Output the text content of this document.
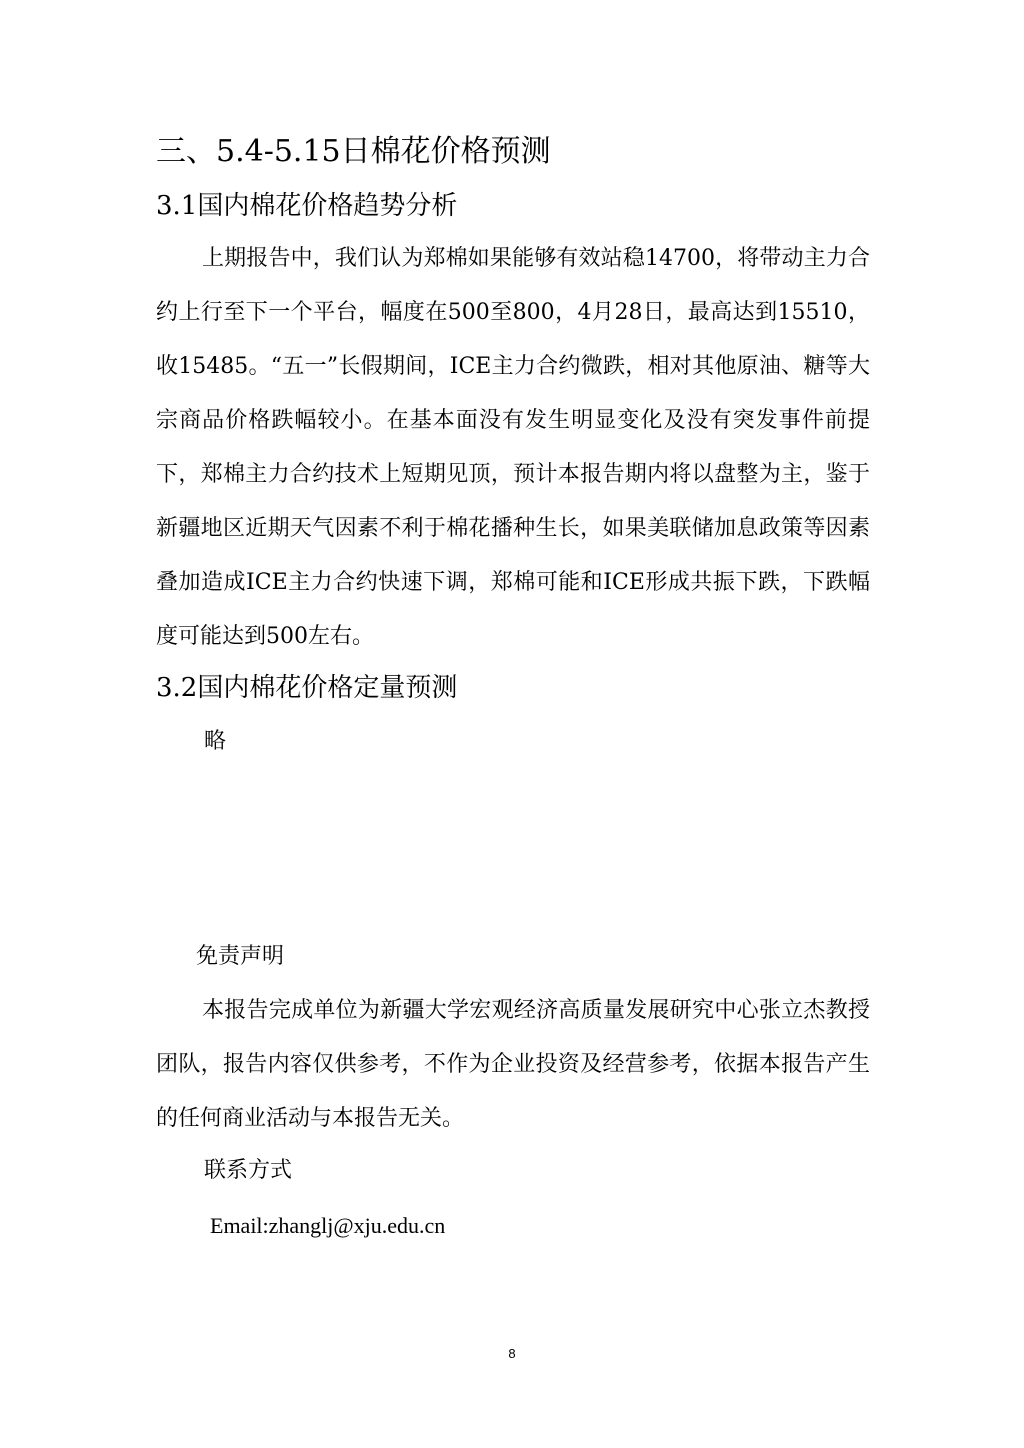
三、5.4-5.15日棉花价格预测
3.1国内棉花价格趋势分析

上期报告中，我们认为郑棉如果能够有效站稳14700，将带动主力合约上行至下一个平台，幅度在500至800，4月28日，最高达到15510，收15485。“五一”长假期间，ICE主力合约微跌，相对其他原油、糖等大宗商品价格跌幅较小。在基本面没有发生明显变化及没有突发事件前提下，郑棉主力合约技术上短期见顶，预计本报告期内将以盘整为主，鉴于新疆地区近期天气因素不利于棉花播种生长，如果美联储加息政策等因素叠加造成ICE主力合约快速下调，郑棉可能和ICE形成共振下跌，下跌幅度可能达到500左右。

3.2国内棉花价格定量预测

略

免责声明

本报告完成单位为新疆大学宏观经济高质量发展研究中心张立杰教授团队，报告内容仅供参考，不作为企业投资及经营参考，依据本报告产生的任何商业活动与本报告无关。

联系方式

Email:zhanglj@xju.edu.cn

8
